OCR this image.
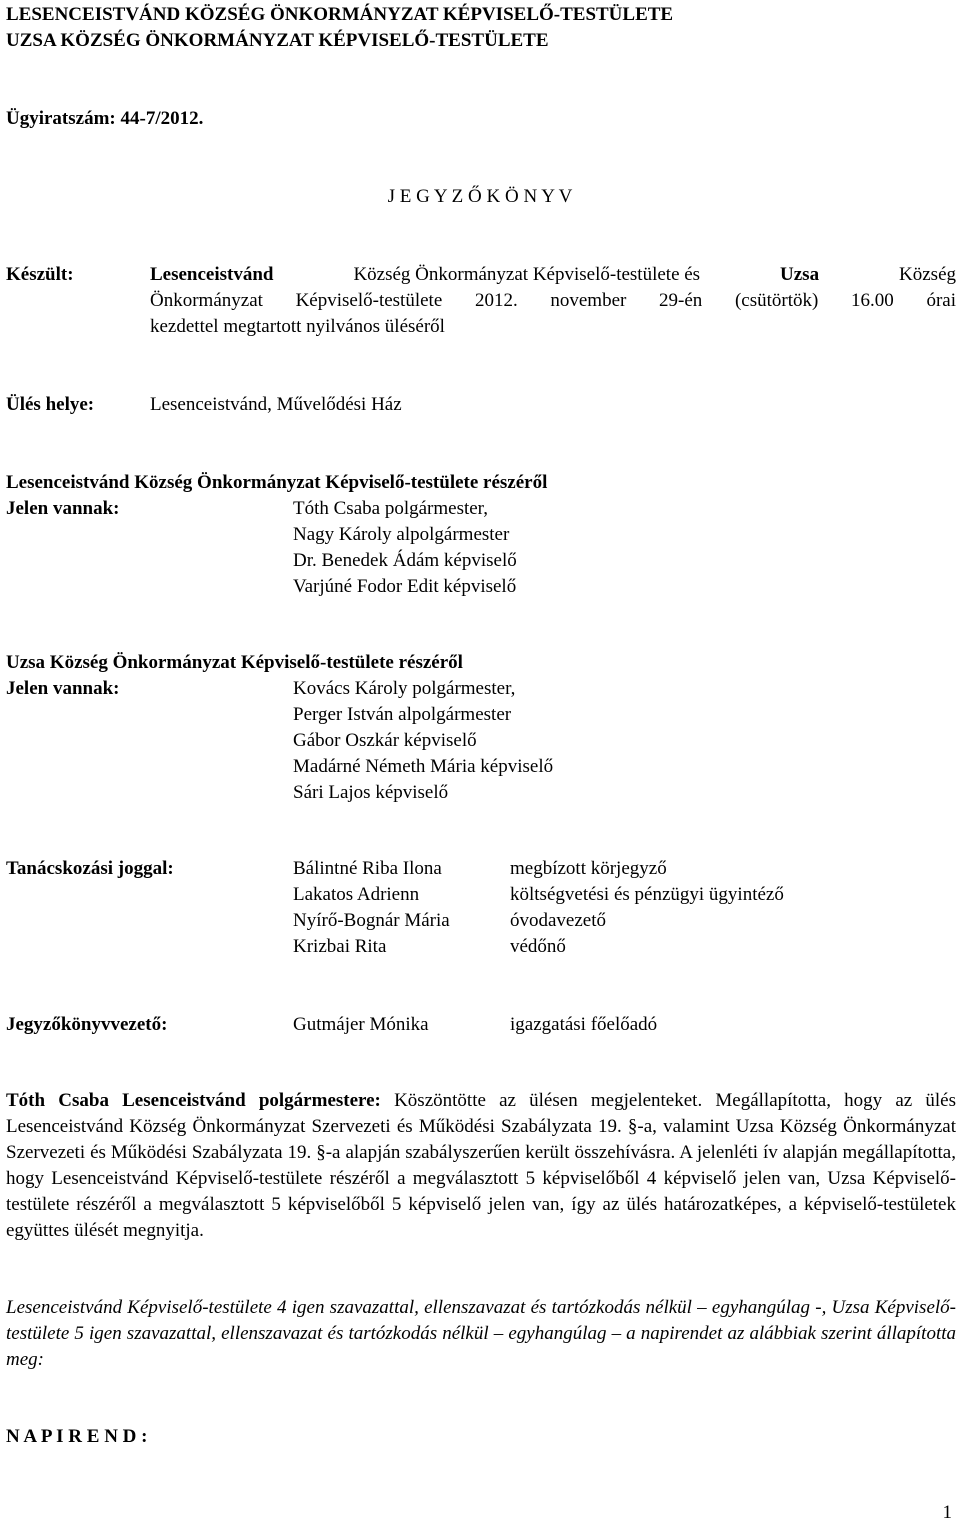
LESENCEISTVÁND KÖZSÉG ÖNKORMÁNYZAT KÉPVISELŐ-TESTÜLETE
UZSA KÖZSÉG ÖNKORMÁNYZAT KÉPVISELŐ-TESTÜLETE
Ügyiratszám: 44-7/2012.
J E G Y Z Ő K Ö N Y V
Készült:	Lesenceistvánd	Község Önkormányzat Képviselő-testülete és	Uzsa	Község
Önkormányzat Képviselő-testülete 2012. november 29-én (csütörtök) 16.00 órai
kezdettel megtartott nyilvános üléséről
Ülés helye:	Lesenceistvánd, Művelődési Ház
Lesenceistvánd Község Önkormányzat Képviselő-testülete részéről
Jelen vannak:	Tóth Csaba polgármester,
Nagy Károly alpolgármester
Dr. Benedek Ádám képviselő
Varjúné Fodor Edit képviselő
Uzsa Község Önkormányzat Képviselő-testülete részéről
Jelen vannak:	Kovács Károly polgármester,
Perger István alpolgármester
Gábor Oszkár képviselő
Madárné Németh Mária képviselő
Sári Lajos képviselő
Tanácskozási joggal:	Bálintné Riba Ilona	megbízott körjegyző
Lakatos Adrienn	költségvetési és pénzügyi ügyintéző
Nyírő-Bognár Mária	óvodavezető
Krizbai Rita	védőnő
Jegyzőkönyvvezető:	Gutmájer Mónika	igazgatási főelőadó
Tóth Csaba Lesenceistvánd polgármestere: Köszöntötte az ülésen megjelenteket. Megállapította, hogy az ülés Lesenceistvánd Község Önkormányzat Szervezeti és Működési Szabályzata 19. §-a, valamint Uzsa Község Önkormányzat Szervezeti és Működési Szabályzata 19. §-a alapján szabályszerűen került összehívásra. A jelenléti ív alapján megállapította, hogy Lesenceistvánd Képviselő-testülete részéről a megválasztott 5 képviselőből 4 képviselő jelen van, Uzsa Képviselő-testülete részéről a megválasztott 5 képviselőből 5 képviselő jelen van, így az ülés határozatképes, a képviselő-testületek együttes ülését megnyitja.
Lesenceistvánd Képviselő-testülete 4 igen szavazattal, ellenszavazat és tartózkodás nélkül – egyhangúlag -, Uzsa Képviselő-testülete 5 igen szavazattal, ellenszavazat és tartózkodás nélkül – egyhangúlag – a napirendet az alábbiak szerint állapította meg:
N A P I R E N D :
1
